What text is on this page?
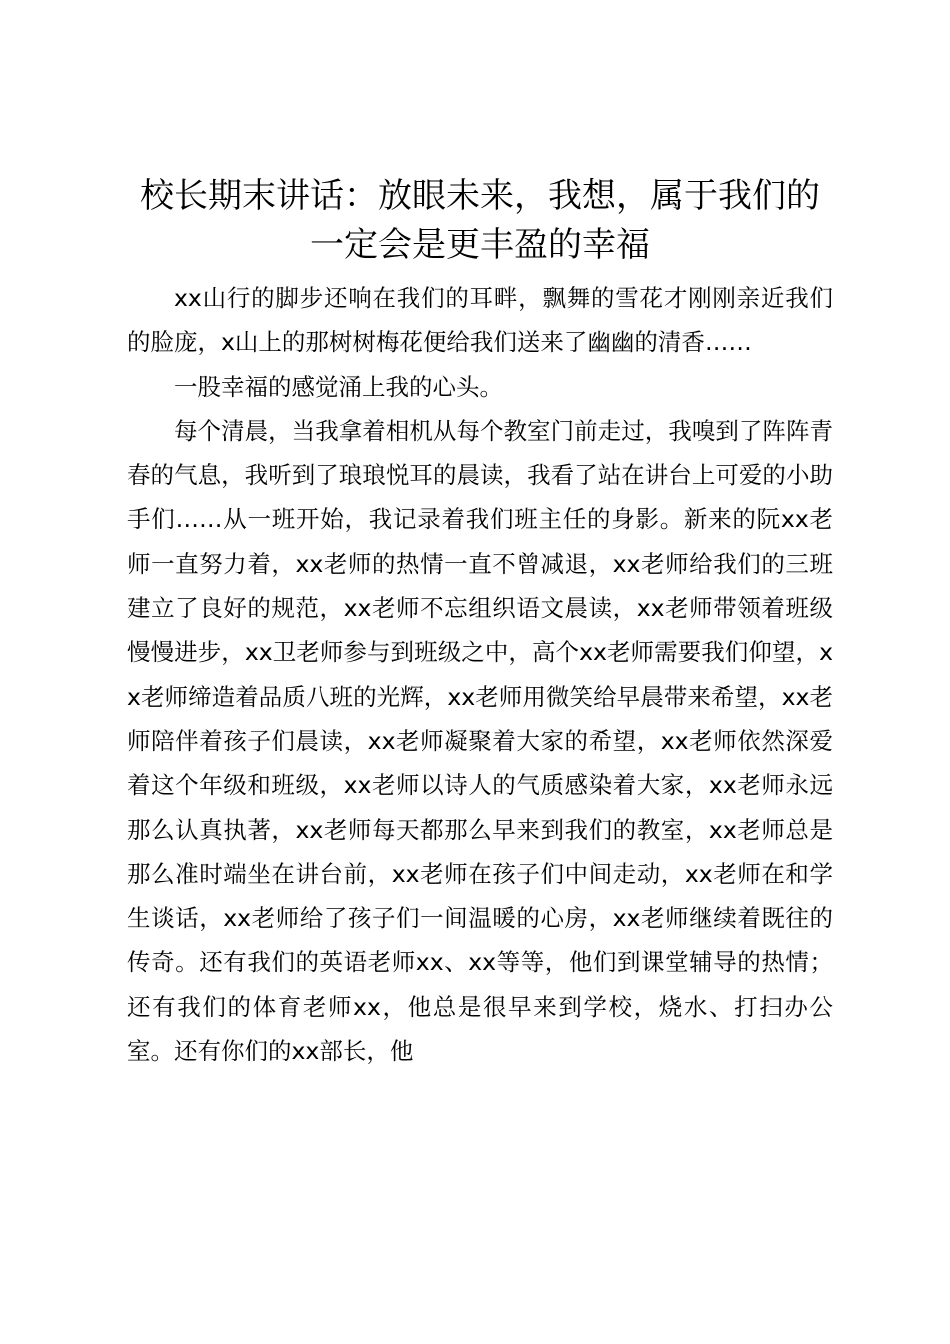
校长期末讲话：放眼未来，我想，属于我们的
一定会是更丰盈的幸福

xx山行的脚步还响在我们的耳畔，飘舞的雪花才刚刚亲近我们的脸庞，x山上的那树树梅花便给我们送来了幽幽的清香……

一股幸福的感觉涌上我的心头。

每个清晨，当我拿着相机从每个教室门前走过，我嗅到了阵阵青春的气息，我听到了琅琅悦耳的晨读，我看了站在讲台上可爱的小助手们……从一班开始，我记录着我们班主任的身影。新来的阮xx老师一直努力着，xx老师的热情一直不曾减退，xx老师给我们的三班建立了良好的规范，xx老师不忘组织语文晨读，xx老师带领着班级慢慢进步，xx卫老师参与到班级之中，高个xx老师需要我们仰望，xx老师缔造着品质八班的光辉，xx老师用微笑给早晨带来希望，xx老师陪伴着孩子们晨读，xx老师凝聚着大家的希望，xx老师依然深爱着这个年级和班级，xx老师以诗人的气质感染着大家，xx老师永远那么认真执著，xx老师每天都那么早来到我们的教室，xx老师总是那么准时端坐在讲台前，xx老师在孩子们中间走动，xx老师在和学生谈话，xx老师给了孩子们一间温暖的心房，xx老师继续着既往的传奇。还有我们的英语老师xx、xx等等，他们到课堂辅导的热情；还有我们的体育老师xx，他总是很早来到学校，烧水、打扫办公室。还有你们的xx部长，他
